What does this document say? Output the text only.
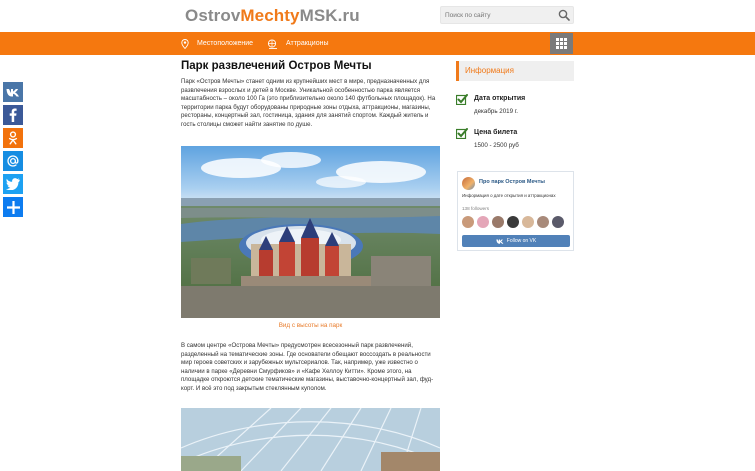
OstrovMechtyMSK.ru
Поиск по сайту
Местоположение	Аттракционы
Парк развлечений Остров Мечты

Парк «Остров Мечты» станет одним из крупнейших мест в мире, предназначенных для развлечения взрослых и детей в Москве. Уникальной особенностью парка является масштабность – около 100 Га (это приблизительно около 140 футбольных площадок). На территории парка будут оборудованы природные зоны отдыха, аттракционы, магазины, рестораны, концертный зал, гостиница, здания для занятий спортом. Каждый житель и гость столицы сможет найти занятие по душе.

Вид с высоты на парк

В самом центре «Острова Мечты» предусмотрен всесезонный парк развлечений, разделенный на тематические зоны. Где основатели обещают воссоздать в реальности мир героев советских и зарубежных мультсериалов. Так, например, уже известно о наличии в парке «Деревни Смурфиков» и «Кафе Хеллоу Китти». Кроме этого, на площадке откроются детские тематические магазины, выставочно-концертный зал, фуд-корт. И всё это под закрытым стеклянным куполом.

Информация
Дата открытия
декабрь 2019 г.
Цена билета
1500 - 2500 руб
Про парк Остров Мечты
Информация о дате открытия и аттракционах
138 followers
Follow on VK
